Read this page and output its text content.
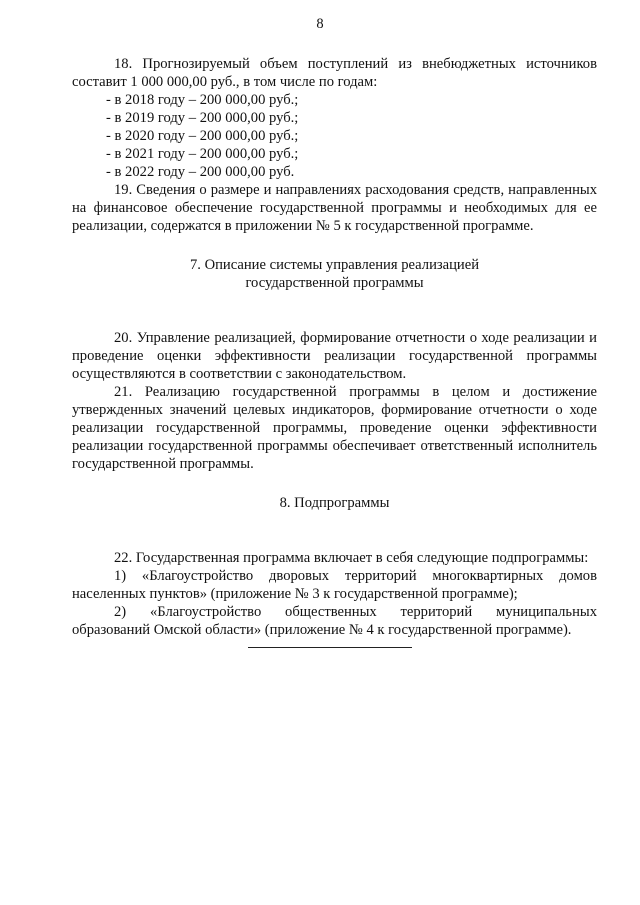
8

18. Прогнозируемый объем поступлений из внебюджетных источников составит 1 000 000,00 руб., в том числе по годам:

- в 2018 году – 200 000,00 руб.;
- в 2019 году – 200 000,00 руб.;
- в 2020 году – 200 000,00 руб.;
- в 2021 году – 200 000,00 руб.;
- в 2022 году – 200 000,00 руб.

19. Сведения о размере и направлениях расходования средств, направленных на финансовое обеспечение государственной программы и необходимых для ее реализации, содержатся в приложении № 5 к государственной программе.

7. Описание системы управления реализацией
государственной программы

20. Управление реализацией, формирование отчетности о ходе реализации и проведение оценки эффективности реализации государственной программы осуществляются в соответствии с законодательством.

21. Реализацию государственной программы в целом и достижение утвержденных значений целевых индикаторов, формирование отчетности о ходе реализации государственной программы, проведение оценки эффективности реализации государственной программы обеспечивает ответственный исполнитель государственной программы.

8. Подпрограммы

22. Государственная программа включает в себя следующие подпрограммы:

1) «Благоустройство дворовых территорий многоквартирных домов населенных пунктов» (приложение № 3 к государственной программе);

2) «Благоустройство общественных территорий муниципальных образований Омской области» (приложение № 4 к государственной программе).
